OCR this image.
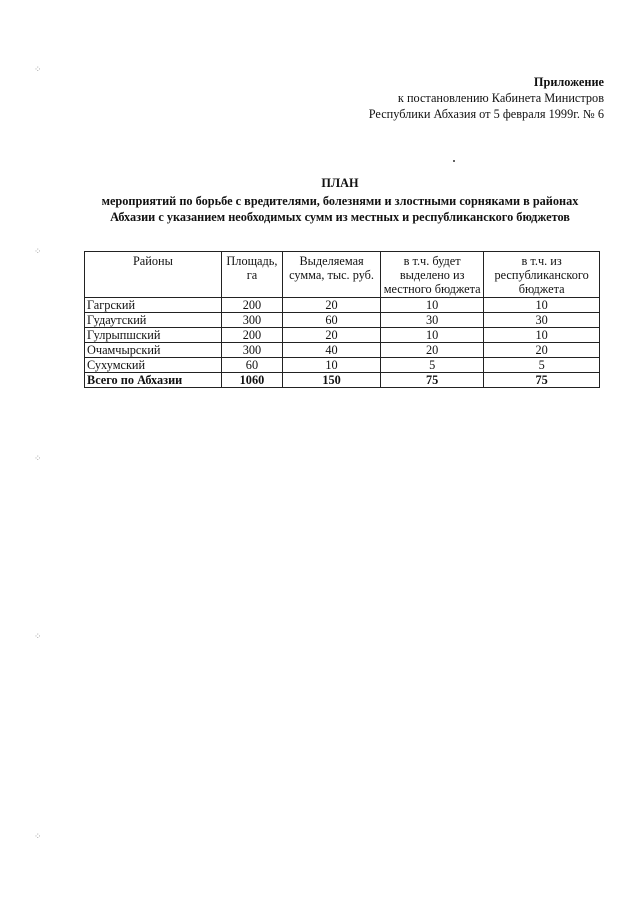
⁘
⁘
⁘
⁘
⁘
Приложение
к постановлению Кабинета Министров
Республики Абхазия от 5 февраля 1999г. № 6
ПЛАН
мероприятий по борьбе с вредителями, болезнями и злостными сорняками в районах
Абхазии с указанием необходимых сумм из местных и республиканского бюджетов
Районы	Площадь, га	Выделяемая сумма, тыс. руб.	в т.ч. будет выделено из местного бюджета	в т.ч. из республиканского бюджета
Гагрский	200	20	10	10
Гудаутский	300	60	30	30
Гулрыпшский	200	20	10	10
Очамчырский	300	40	20	20
Сухумский	60	10	5	5
Всего по Абхазии	1060	150	75	75
